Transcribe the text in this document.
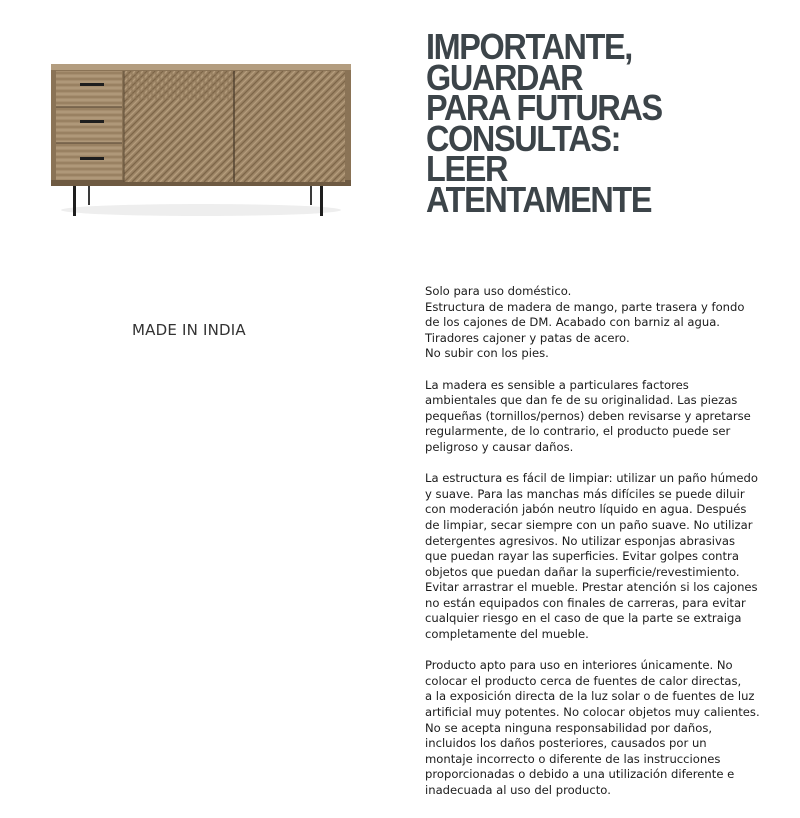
MADE IN INDIA
IMPORTANTE,
GUARDAR
PARA FUTURAS
CONSULTAS:
LEER
ATENTAMENTE
Solo para uso doméstico.
Estructura de madera de mango, parte trasera y fondo
de los cajones de DM. Acabado con barniz al agua.
Tiradores cajoner y patas de acero.
No subir con los pies.
La madera es sensible a particulares factores
ambientales que dan fe de su originalidad. Las piezas
pequeñas (tornillos/pernos) deben revisarse y apretarse
regularmente, de lo contrario, el producto puede ser
peligroso y causar daños.
La estructura es fácil de limpiar: utilizar un paño húmedo
y suave. Para las manchas más difíciles se puede diluir
con moderación jabón neutro líquido en agua. Después
de limpiar, secar siempre con un paño suave. No utilizar
detergentes agresivos. No utilizar esponjas abrasivas
que puedan rayar las superficies. Evitar golpes contra
objetos que puedan dañar la superficie/revestimiento.
Evitar arrastrar el mueble. Prestar atención si los cajones
no están equipados con finales de carreras, para evitar
cualquier riesgo en el caso de que la parte se extraiga
completamente del mueble.
Producto apto para uso en interiores únicamente. No
colocar el producto cerca de fuentes de calor directas,
a la exposición directa de la luz solar o de fuentes de luz
artificial muy potentes. No colocar objetos muy calientes.
No se acepta ninguna responsabilidad por daños,
incluidos los daños posteriores, causados por un
montaje incorrecto o diferente de las instrucciones
proporcionadas o debido a una utilización diferente e
inadecuada al uso del producto.
